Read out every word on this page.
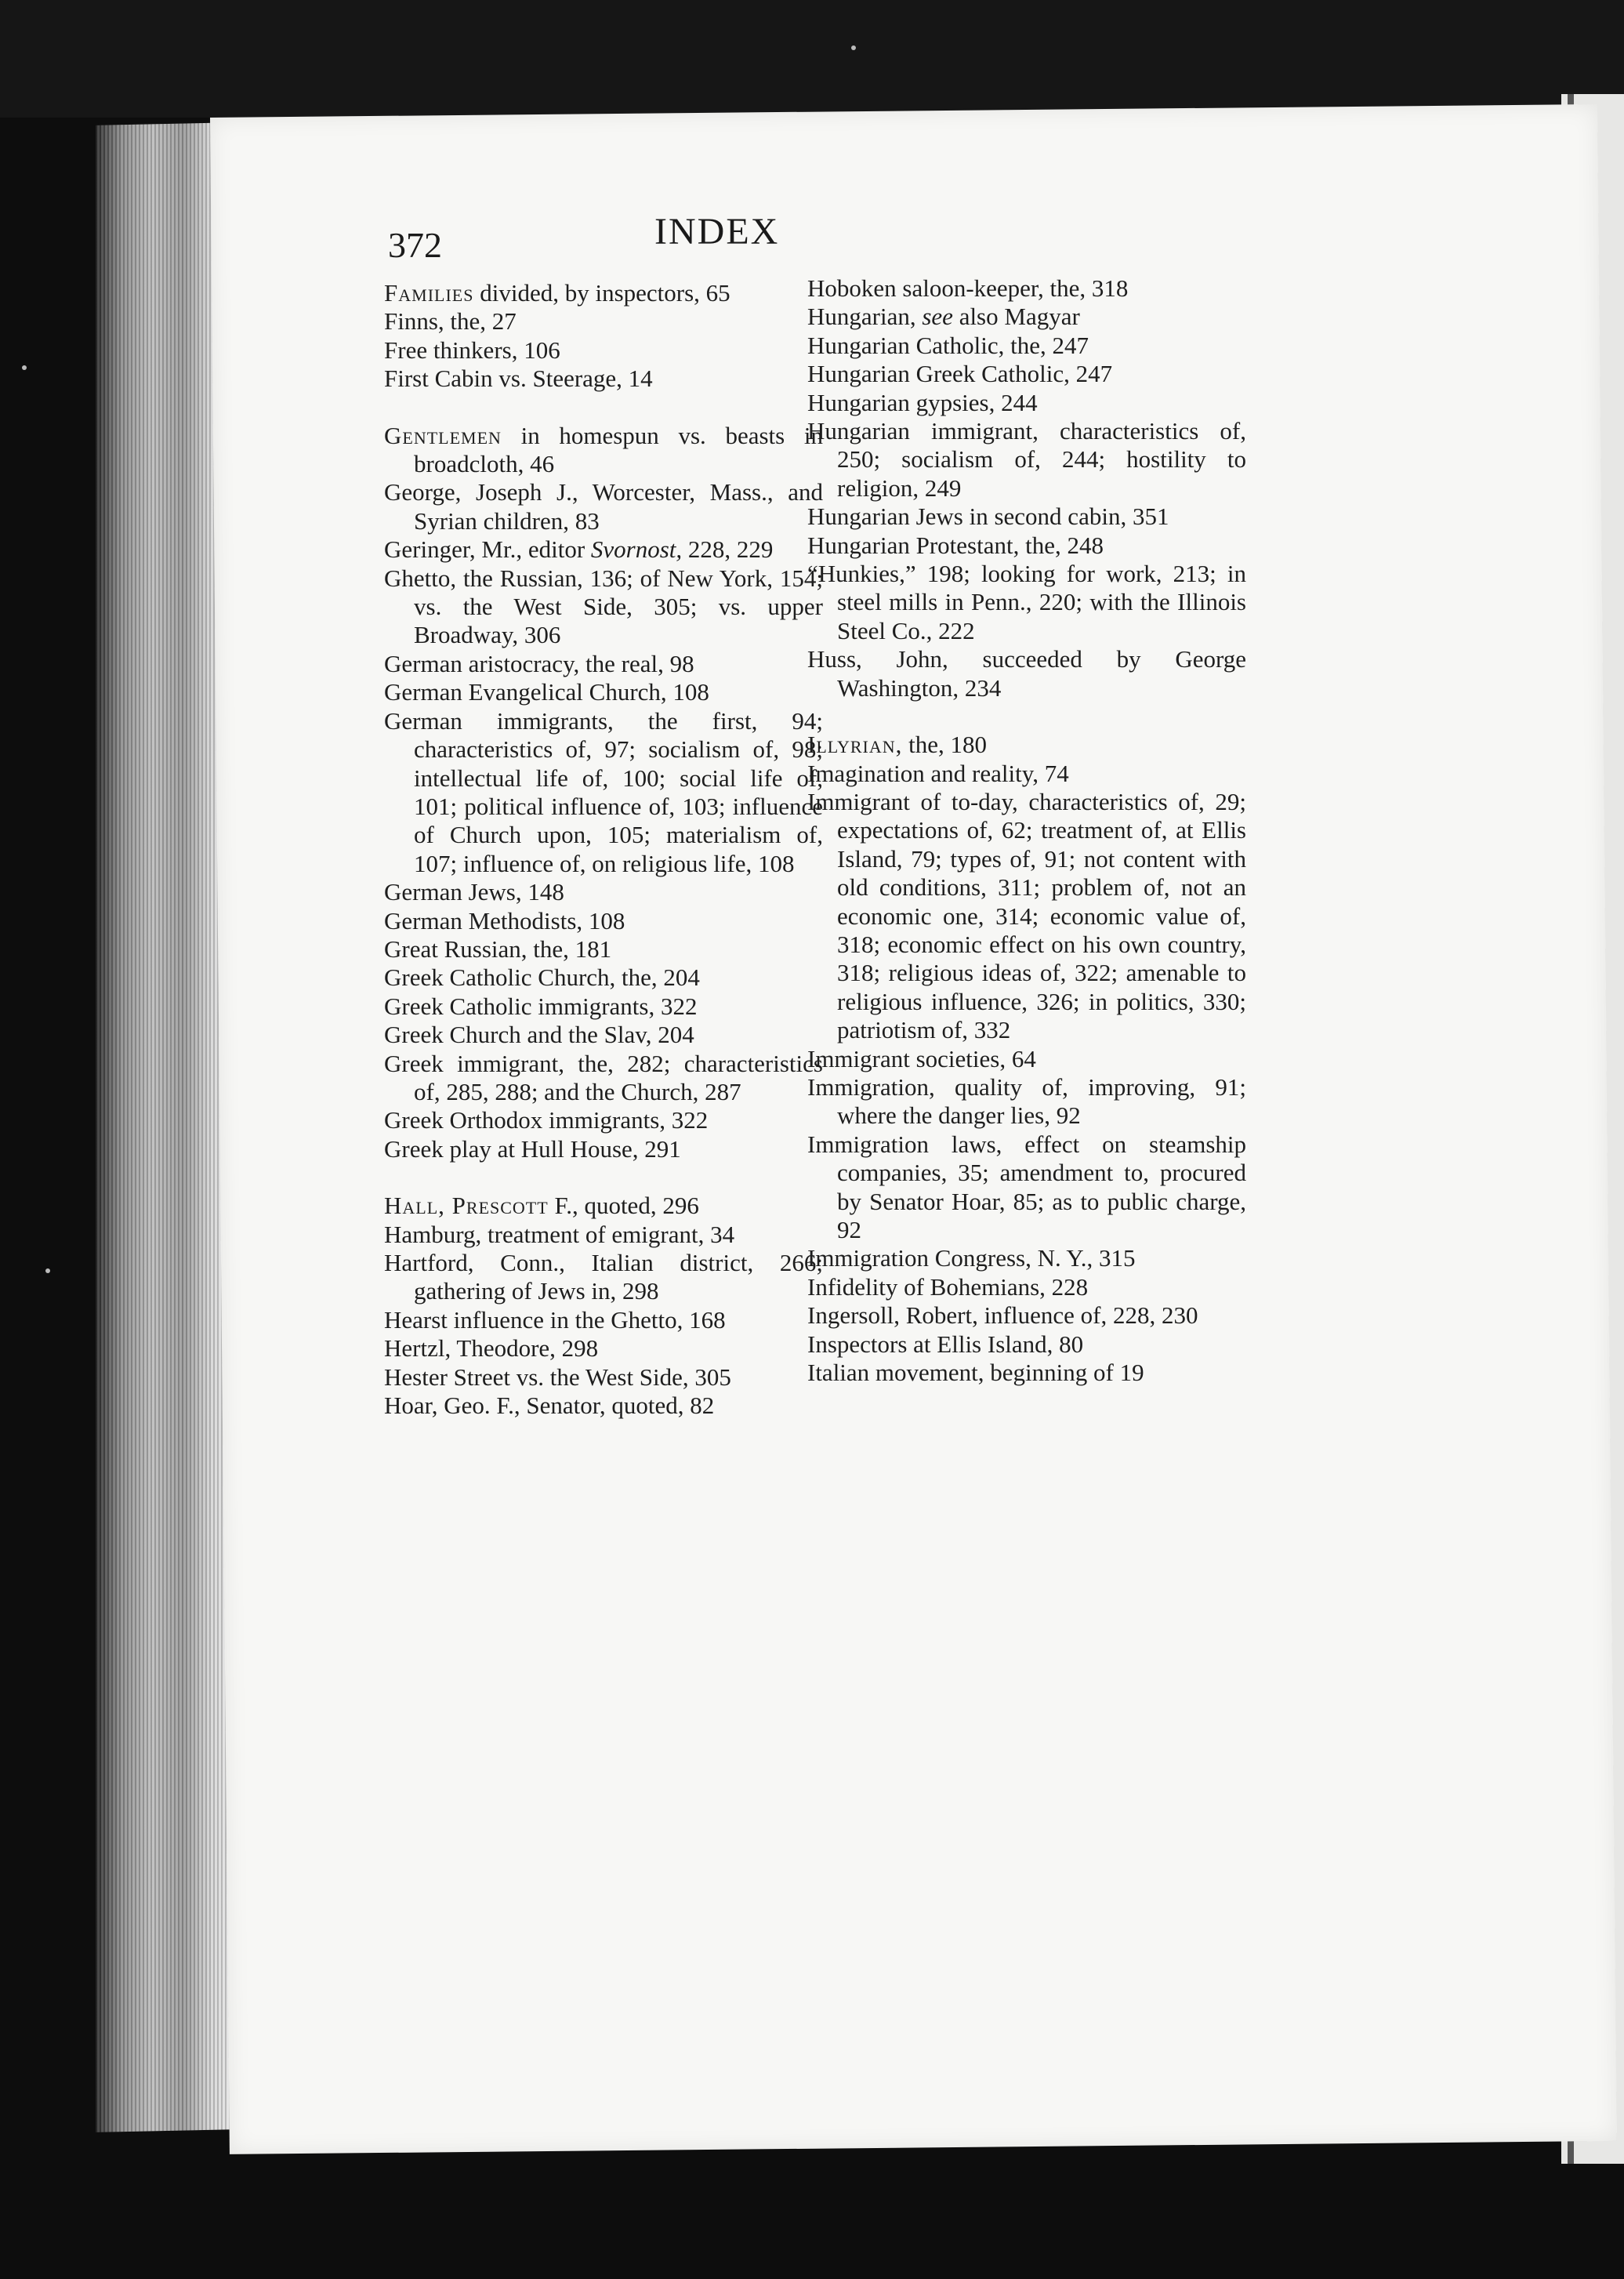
372	INDEX

Families divided, by inspectors, 65

Finns, the, 27

Free thinkers, 106

First Cabin vs. Steerage, 14

Gentlemen in homespun vs. beasts in broadcloth, 46

George, Joseph J., Worcester, Mass., and Syrian children, 83

Geringer, Mr., editor Svornost, 228, 229

Ghetto, the Russian, 136; of New York, 154; vs. the West Side, 305; vs. upper Broadway, 306

German aristocracy, the real, 98

German Evangelical Church, 108

German immigrants, the first, 94; characteristics of, 97; socialism of, 98; intellectual life of, 100; social life of, 101; political influence of, 103; influence of Church upon, 105; materialism of, 107; influence of, on religious life, 108

German Jews, 148

German Methodists, 108

Great Russian, the, 181

Greek Catholic Church, the, 204

Greek Catholic immigrants, 322

Greek Church and the Slav, 204

Greek immigrant, the, 282; characteristics of, 285, 288; and the Church, 287

Greek Orthodox immigrants, 322

Greek play at Hull House, 291

Hall, Prescott F., quoted, 296

Hamburg, treatment of emigrant, 34

Hartford, Conn., Italian district, 266; gathering of Jews in, 298

Hearst influence in the Ghetto, 168

Hertzl, Theodore, 298

Hester Street vs. the West Side, 305

Hoar, Geo. F., Senator, quoted, 82

Hoboken saloon-keeper, the, 318

Hungarian, see also Magyar

Hungarian Catholic, the, 247

Hungarian Greek Catholic, 247

Hungarian gypsies, 244

Hungarian immigrant, characteristics of, 250; socialism of, 244; hostility to religion, 249

Hungarian Jews in second cabin, 351

Hungarian Protestant, the, 248

“Hunkies,” 198; looking for work, 213; in steel mills in Penn., 220; with the Illinois Steel Co., 222

Huss, John, succeeded by George Washington, 234

Illyrian, the, 180

Imagination and reality, 74

Immigrant of to-day, characteristics of, 29; expectations of, 62; treatment of, at Ellis Island, 79; types of, 91; not content with old conditions, 311; problem of, not an economic one, 314; economic value of, 318; economic effect on his own country, 318; religious ideas of, 322; amenable to religious influence, 326; in politics, 330; patriotism of, 332

Immigrant societies, 64

Immigration, quality of, improving, 91; where the danger lies, 92

Immigration laws, effect on steamship companies, 35; amendment to, procured by Senator Hoar, 85; as to public charge, 92

Immigration Congress, N. Y., 315

Infidelity of Bohemians, 228

Ingersoll, Robert, influence of, 228, 230

Inspectors at Ellis Island, 80

Italian movement, beginning of 19
